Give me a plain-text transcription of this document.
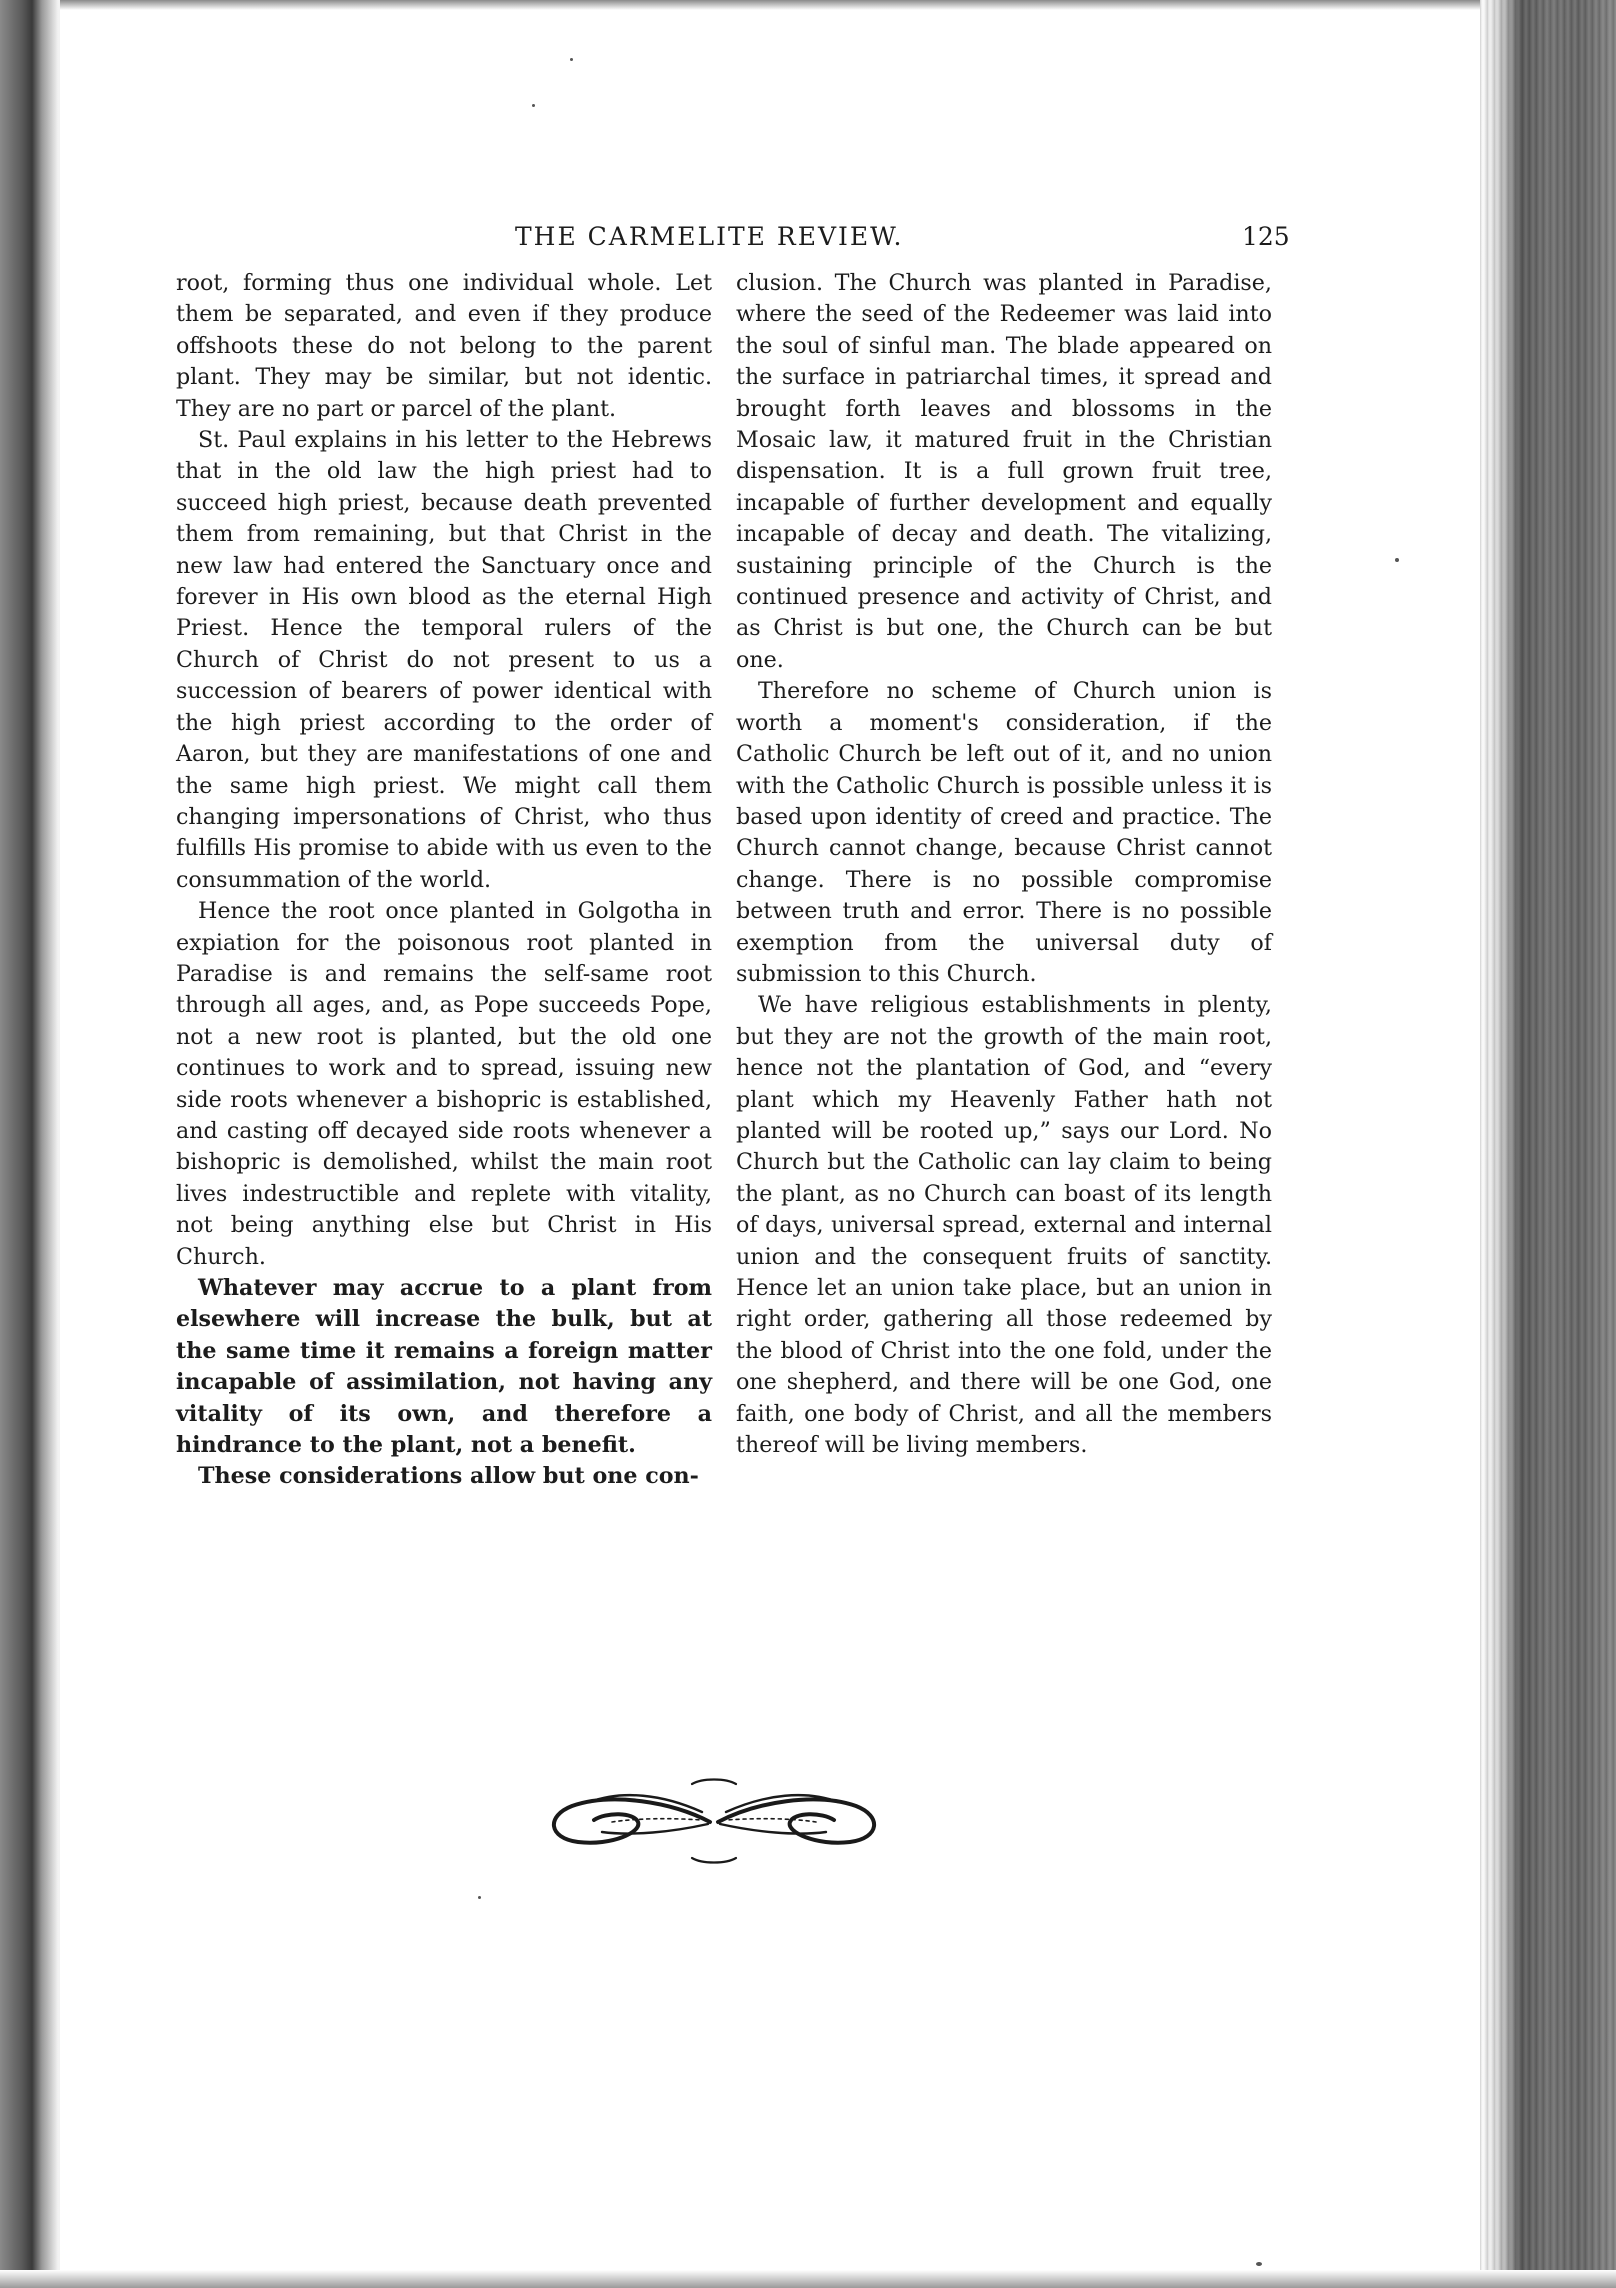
THE CARMELITE REVIEW.	125

root, forming thus one individual whole. Let them be separated, and even if they produce offshoots these do not belong to the parent plant. They may be similar, but not identic. They are no part or parcel of the plant.

St. Paul explains in his letter to the Hebrews that in the old law the high priest had to succeed high priest, because death prevented them from remaining, but that Christ in the new law had entered the Sanctuary once and forever in His own blood as the eternal High Priest. Hence the temporal rulers of the Church of Christ do not present to us a succession of bearers of power identical with the high priest according to the order of Aaron, but they are manifestations of one and the same high priest. We might call them changing impersonations of Christ, who thus fulfills His promise to abide with us even to the consummation of the world.

Hence the root once planted in Golgotha in expiation for the poisonous root planted in Paradise is and remains the self-same root through all ages, and, as Pope succeeds Pope, not a new root is planted, but the old one continues to work and to spread, issuing new side roots whenever a bishopric is established, and casting off decayed side roots whenever a bishopric is demolished, whilst the main root lives indestructible and replete with vitality, not being anything else but Christ in His Church.

Whatever may accrue to a plant from elsewhere will increase the bulk, but at the same time it remains a foreign matter incapable of assimilation, not having any vitality of its own, and therefore a hindrance to the plant, not a benefit.

These considerations allow but one con-

clusion. The Church was planted in Paradise, where the seed of the Redeemer was laid into the soul of sinful man. The blade appeared on the surface in patriarchal times, it spread and brought forth leaves and blossoms in the Mosaic law, it matured fruit in the Christian dispensation. It is a full grown fruit tree, incapable of further development and equally incapable of decay and death. The vitalizing, sustaining principle of the Church is the continued presence and activity of Christ, and as Christ is but one, the Church can be but one.

Therefore no scheme of Church union is worth a moment's consideration, if the Catholic Church be left out of it, and no union with the Catholic Church is possible unless it is based upon identity of creed and practice. The Church cannot change, because Christ cannot change. There is no possible compromise between truth and error. There is no possible exemption from the universal duty of submission to this Church.

We have religious establishments in plenty, but they are not the growth of the main root, hence not the plantation of God, and “every plant which my Heavenly Father hath not planted will be rooted up,” says our Lord. No Church but the Catholic can lay claim to being the plant, as no Church can boast of its length of days, universal spread, external and internal union and the consequent fruits of sanctity. Hence let an union take place, but an union in right order, gathering all those redeemed by the blood of Christ into the one fold, under the one shepherd, and there will be one God, one faith, one body of Christ, and all the members thereof will be living members.
